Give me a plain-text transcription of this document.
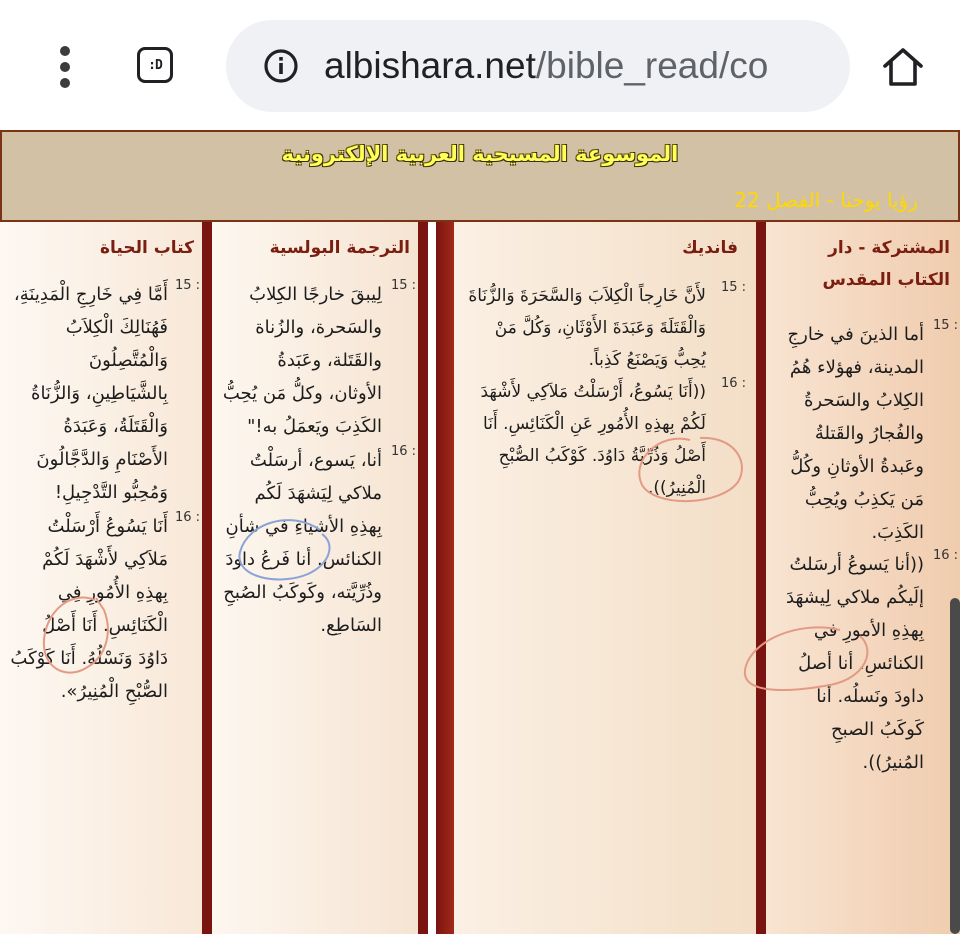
:D	albishara.net/bible_read/co
الموسوعة المسيحية العربية الإلكترونية
رؤيا يوحنا - الفصل 22
المشتركة - دار الكتاب المقدس
أما الذينَ في خارجِ المدينة، فهؤلاء هُمُ الكِلابُ والسَحرةُ والفُجارُ والقَتلةُ وعَبدةُ الأوثانِ وكُلُّ مَن يَكذِبُ ويُحِبُّ الكَذِبَ.
15 :
((أنا يَسوعُ أرسَلتُ إلَيكُم ملاكي لِيشهَدَ بِهذِهِ الأمورِ في الكنائسِ. أنا أصلُ داودَ ونَسلُه. أنا كَوكَبُ الصبحِ المُنيرُ)).
16 :
فانديك
لأَنَّ خَارِجاً الْكِلاَبَ وَالسَّحَرَةَ وَالزُّنَاةَ وَالْقَتَلَةَ وَعَبَدَةَ الأَوْثَانِ، وَكُلَّ مَنْ يُحِبُّ وَيَصْنَعُ كَذِباً.
15 :
((أَنَا يَسُوعُ، أَرْسَلْتُ مَلاَكِي لأَشْهَدَ لَكُمْ بِهذِهِ الأُمُورِ عَنِ الْكَنَائِسِ. أَنَا أَصْلُ وَذُرِّيَّةُ دَاوُدَ. كَوْكَبُ الصُّبْحِ الْمُنِيرُ)).
16 :
الترجمة البولسية
لِيبقَ خارجًا الكِلابُ والسَحرة، والزُناة والقَتَلة، وعَبَدةُ الأوثان، وكلُّ مَن يُحِبُّ الكَذِبَ ويَعمَلُ به!"
15 :
أنا، يَسوع، أرسَلْتُ ملاكي لِيَشهَدَ لَكُم بِهذِهِ الأشياءِ في شأنِ الكنائس. أنا فَرعُ داودَ وذُرِّيَّته، وكَوكَبُ الصُبحِ السَاطِع.
16 :
كتاب الحياة
أَمَّا فِي خَارِجِ الْمَدِينَةِ، فَهُنَالِكَ الْكِلاَبُ وَالْمُتَّصِلُونَ بِالشَّيَاطِينِ، وَالزُّنَاةُ وَالْقَتَلَةُ، وَعَبَدَةُ الأَصْنَامِ وَالدَّجَّالُونَ وَمُحِبُّو التَّدْجِيلِ!
15 :
أَنَا يَسُوعُ أَرْسَلْتُ مَلاَكِي لأَشْهَدَ لَكُمْ بِهذِهِ الأُمُورِ فِي الْكَنَائِسِ. أَنَا أَصْلُ دَاوُدَ وَنَسْلُهُ. أَنَا كَوْكَبُ الصُّبْحِ الْمُنِيرُ».
16 :
